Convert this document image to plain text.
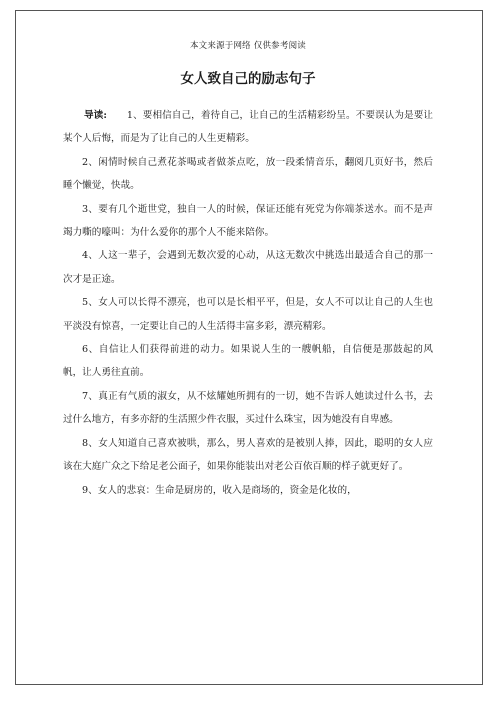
本文来源于网络 仅供参考阅读
女人致自己的励志句子

导读: 1、要相信自己，着待自己，让自己的生活精彩纷呈。不要误认为是要让某个人后悔，而是为了让自己的人生更精彩。

2、闲情时候自己煮花茶喝或者做茶点吃，放一段柔情音乐，翻阅几页好书，然后睡个懒觉，快哉。

3、要有几个逝世党，独自一人的时候，保证还能有死党为你端茶送水。而不是声竭力嘶的嚎叫：为什么爱你的那个人不能来陪你。

4、人这一辈子，会遇到无数次爱的心动，从这无数次中挑选出最适合自己的那一次才是正途。

5、女人可以长得不漂亮，也可以是长相平平，但是，女人不可以让自己的人生也平淡没有惊喜，一定要让自己的人生活得丰富多彩，漂亮精彩。

6、自信让人们获得前进的动力。如果说人生的一艘帆船，自信便是那鼓起的风帆，让人勇往直前。

7、真正有气质的淑女，从不炫耀她所拥有的一切，她不告诉人她读过什么书，去过什么地方，有多亦舒的生活照少件衣服，买过什么珠宝，因为她没有自卑感。

8、女人知道自己喜欢被哄，那么，男人喜欢的是被别人捧，因此，聪明的女人应该在大庭广众之下给足老公面子，如果你能装出对老公百依百顺的样子就更好了。

9、女人的悲哀：生命是厨房的，收入是商场的，资金是化妆的，
